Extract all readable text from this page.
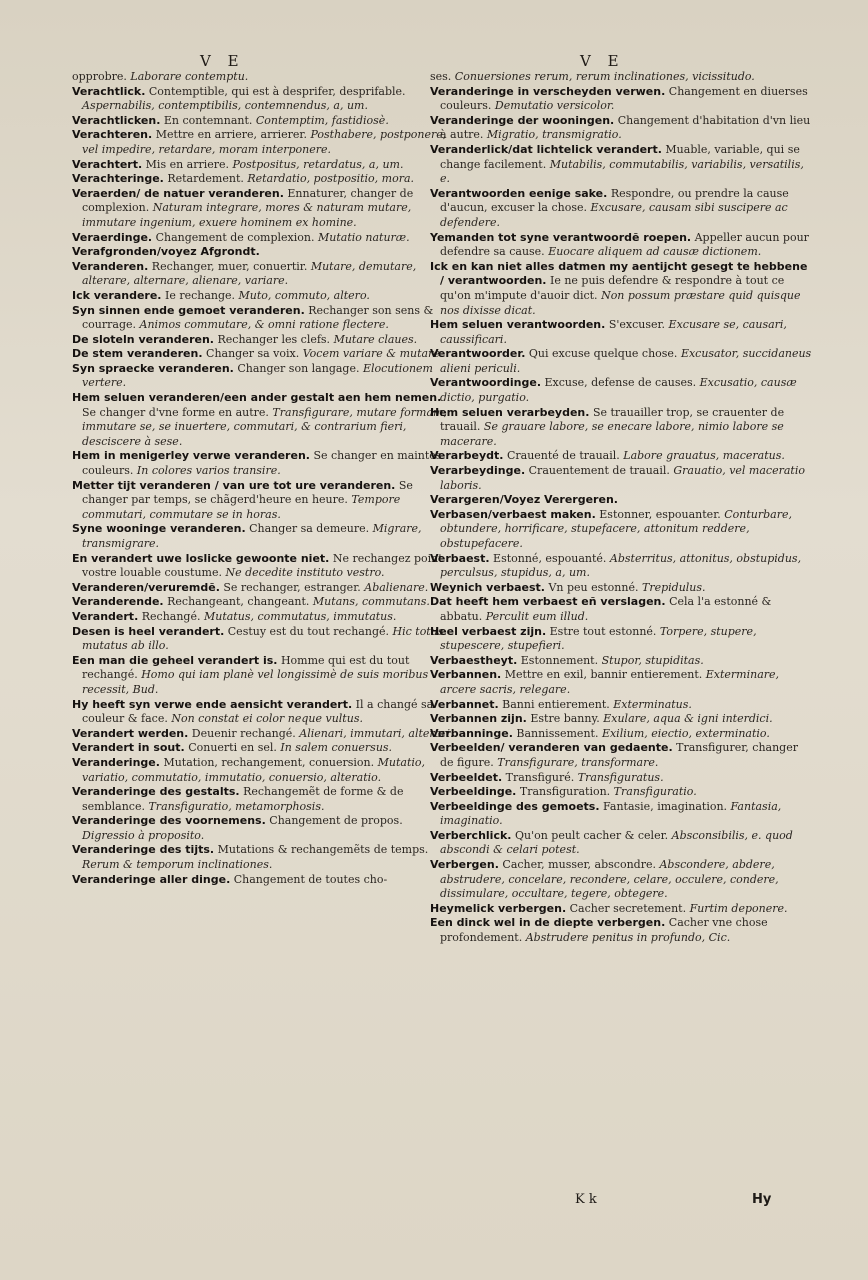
V E	V E

opprobre. Laborare contemptu.

Verachtlick. Contemptible, qui est à desprifer, desprifable. Aspernabilis, contemptibilis, contemnendus, a, um.

Verachtlicken. En contemnant. Contemptim, fastidiosè.

Verachteren. Mettre en arriere, arrierer. Posthabere, postponere, vel impedire, retardare, moram interponere.

Verachtert. Mis en arriere. Postpositus, retardatus, a, um.

Verachteringe. Retardement. Retardatio, postpositio, mora.

Veraerden/ de natuer veranderen. Ennaturer, changer de complexion. Naturam integrare, mores & naturam mutare, immutare ingenium, exuere hominem ex homine.

Veraerdinge. Changement de complexion. Mutatio naturæ.

Verafgronden/voyez Afgrondt.

Veranderen. Rechanger, muer, conuertir. Mutare, demutare, alterare, alternare, alienare, variare.

Ick verandere. Ie rechange. Muto, commuto, altero.

Syn sinnen ende gemoet veranderen. Rechanger son sens & courrage. Animos commutare, & omni ratione flectere.

De sloteln veranderen. Rechanger les clefs. Mutare claues.

De stem veranderen. Changer sa voix. Vocem variare & mutare.

Syn spraecke veranderen. Changer son langage. Elocutionem vertere.

Hem seluen veranderen/een ander gestalt aen hem nemen. Se changer d'vne forme en autre. Transfigurare, mutare formam, immutare se, se inuertere, commutari, & contrarium fieri, desciscere à sese.

Hem in menigerley verwe veranderen. Se changer en maintes couleurs. In colores varios transire.

Metter tijt veranderen / van ure tot ure veranderen. Se changer par temps, se chãgerd'heure en heure. Tempore commutari, commutare se in horas.

Syne wooninge veranderen. Changer sa demeure. Migrare, transmigrare.

En verandert uwe loslicke gewoonte niet. Ne rechangez point vostre louable coustume. Ne decedite instituto vestro.

Veranderen/veruremdẽ. Se rechanger, estranger. Abalienare.

Veranderende. Rechangeant, changeant. Mutans, commutans.

Verandert. Rechangé. Mutatus, commutatus, immutatus.

Desen is heel verandert. Cestuy est du tout rechangé. Hic totus mutatus ab illo.

Een man die geheel verandert is. Homme qui est du tout rechangé. Homo qui iam planè vel longissimè de suis moribus recessit, Bud.

Hy heeft syn verwe ende aensicht verandert. Il a changé sa couleur & face. Non constat ei color neque vultus.

Verandert werden. Deuenir rechangé. Alienari, immutari, alterari.

Verandert in sout. Conuerti en sel. In salem conuersus.

Veranderinge. Mutation, rechangement, conuersion. Mutatio, variatio, commutatio, immutatio, conuersio, alteratio.

Veranderinge des gestalts. Rechangemẽt de forme & de semblance. Transfiguratio, metamorphosis.

Veranderinge des voornemens. Changement de propos. Digressio à proposito.

Veranderinge des tijts. Mutations & rechangemẽts de temps. Rerum & temporum inclinationes.

Veranderinge aller dinge. Changement de toutes cho-

ses. Conuersiones rerum, rerum inclinationes, vicissitudo.

Veranderinge in verscheyden verwen. Changement en diuerses couleurs. Demutatio versicolor.

Veranderinge der wooningen. Changement d'habitation d'vn lieu à autre. Migratio, transmigratio.

Veranderlick/dat lichtelick verandert. Muable, variable, qui se change facilement. Mutabilis, commutabilis, variabilis, versatilis, e.

Verantwoorden eenige sake. Respondre, ou prendre la cause d'aucun, excuser la chose. Excusare, causam sibi suscipere ac defendere.

Yemanden tot syne verantwoordẽ roepen. Appeller aucun pour defendre sa cause. Euocare aliquem ad causæ dictionem.

Ick en kan niet alles datmen my aentijcht gesegt te hebbene / verantwoorden. Ie ne puis defendre & respondre à tout ce qu'on m'impute d'auoir dict. Non possum præstare quid quisque nos dixisse dicat.

Hem seluen verantwoorden. S'excuser. Excusare se, causari, caussificari.

Verantwoorder. Qui excuse quelque chose. Excusator, succidaneus alieni periculi.

Verantwoordinge. Excuse, defense de causes. Excusatio, causæ dictio, purgatio.

Hem seluen verarbeyden. Se trauailler trop, se crauenter de trauail. Se grauare labore, se enecare labore, nimio labore se macerare.

Verarbeydt. Crauenté de trauail. Labore grauatus, maceratus.

Verarbeydinge. Crauentement de trauail. Grauatio, vel maceratio laboris.

Verargeren/Voyez Verergeren.

Verbasen/verbaest maken. Estonner, espouanter. Conturbare, obtundere, horrificare, stupefacere, attonitum reddere, obstupefacere.

Verbaest. Estonné, espouanté. Absterritus, attonitus, obstupidus, perculsus, stupidus, a, um.

Weynich verbaest. Vn peu estonné. Trepidulus.

Dat heeft hem verbaest eñ verslagen. Cela l'a estonné & abbatu. Perculit eum illud.

Heel verbaest zijn. Estre tout estonné. Torpere, stupere, stupescere, stupefieri.

Verbaestheyt. Estonnement. Stupor, stupiditas.

Verbannen. Mettre en exil, bannir entierement. Exterminare, arcere sacris, relegare.

Verbannet. Banni entierement. Exterminatus.

Verbannen zijn. Estre banny. Exulare, aqua & igni interdici.

Verbanninge. Bannissement. Exilium, eiectio, exterminatio.

Verbeelden/ veranderen van gedaente. Transfigurer, changer de figure. Transfigurare, transformare.

Verbeeldet. Transfiguré. Transfiguratus.

Verbeeldinge. Transfiguration. Transfiguratio.

Verbeeldinge des gemoets. Fantasie, imagination. Fantasia, imaginatio.

Verberchlick. Qu'on peult cacher & celer. Absconsibilis, e. quod abscondi & celari potest.

Verbergen. Cacher, musser, abscondre. Abscondere, abdere, abstrudere, concelare, recondere, celare, occulere, condere, dissimulare, occultare, tegere, obtegere.

Heymelick verbergen. Cacher secretement. Furtim deponere.

Een dinck wel in de diepte verbergen. Cacher vne chose profondement. Abstrudere penitus in profundo, Cic.

K k	Hy
